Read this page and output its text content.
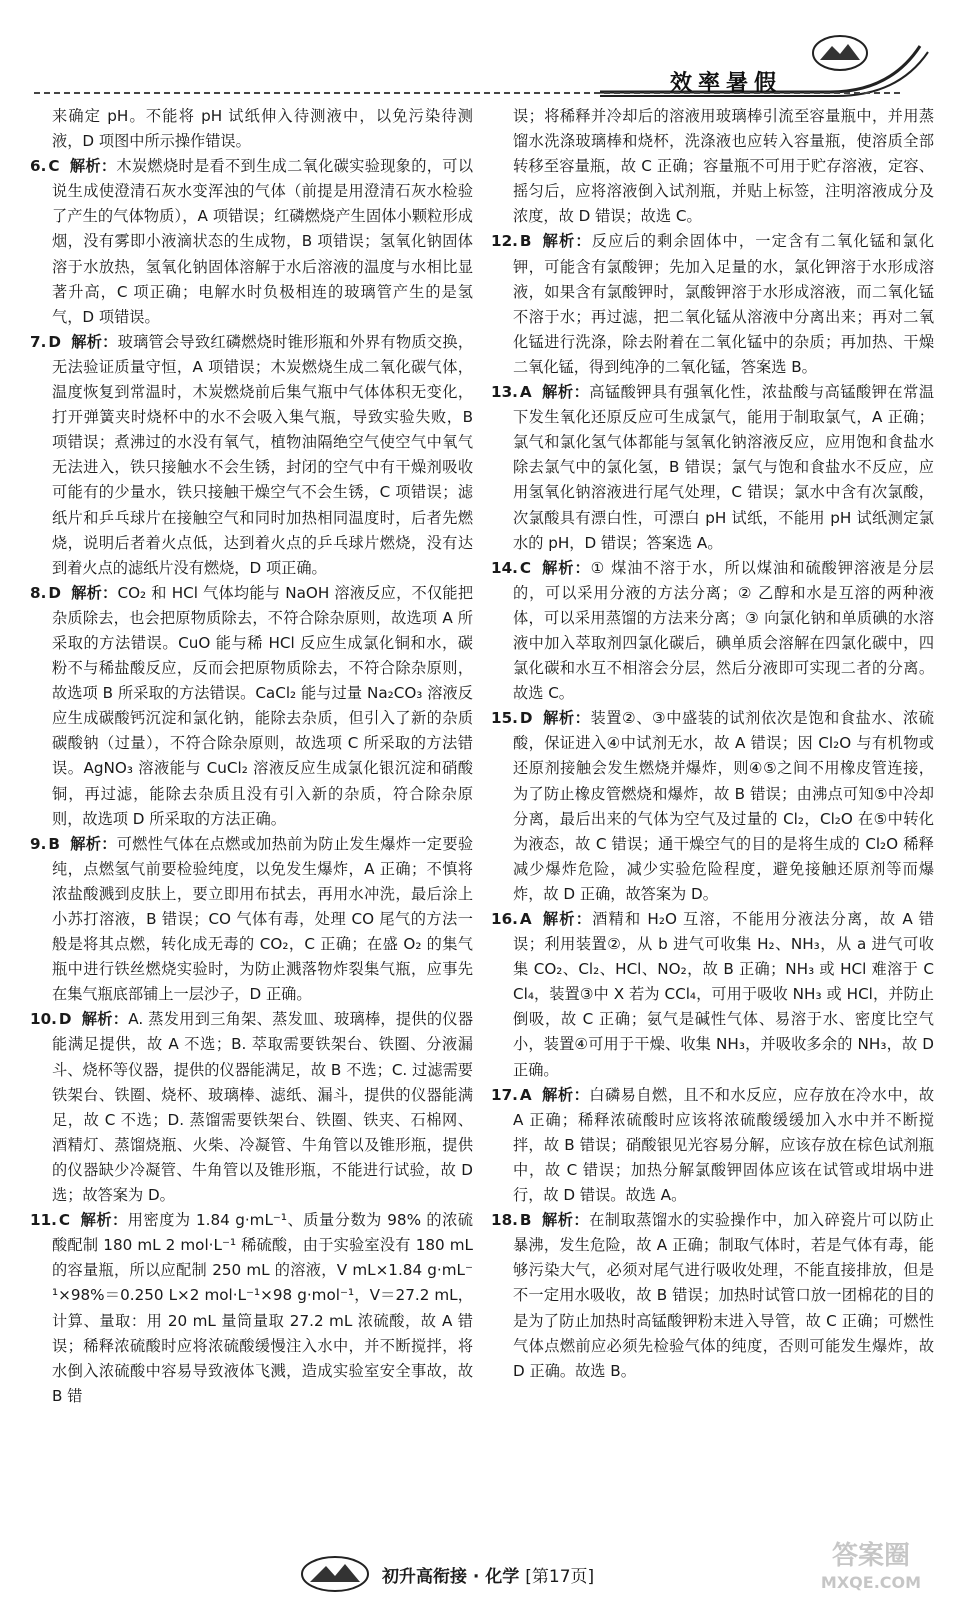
效率暑假

来确定 pH。不能将 pH 试纸伸入待测液中，以免污染待测液，D 项图中所示操作错误。

6. C 解析：木炭燃烧时是看不到生成二氧化碳实验现象的，可以说生成使澄清石灰水变浑浊的气体（前提是用澄清石灰水检验了产生的气体物质），A 项错误；红磷燃烧产生固体小颗粒形成烟，没有雾即小液滴状态的生成物，B 项错误；氢氧化钠固体溶于水放热，氢氧化钠固体溶解于水后溶液的温度与水相比显著升高，C 项正确；电解水时负极相连的玻璃管产生的是氢气，D 项错误。

7. D 解析：玻璃管会导致红磷燃烧时锥形瓶和外界有物质交换，无法验证质量守恒，A 项错误；木炭燃烧生成二氧化碳气体，温度恢复到常温时，木炭燃烧前后集气瓶中气体体积无变化，打开弹簧夹时烧杯中的水不会吸入集气瓶，导致实验失败，B 项错误；煮沸过的水没有氧气，植物油隔绝空气使空气中氧气无法进入，铁只接触水不会生锈，封闭的空气中有干燥剂吸收可能有的少量水，铁只接触干燥空气不会生锈，C 项错误；滤纸片和乒乓球片在接触空气和同时加热相同温度时，后者先燃烧，说明后者着火点低，达到着火点的乒乓球片燃烧，没有达到着火点的滤纸片没有燃烧，D 项正确。

8. D 解析：CO₂ 和 HCl 气体均能与 NaOH 溶液反应，不仅能把杂质除去，也会把原物质除去，不符合除杂原则，故选项 A 所采取的方法错误。CuO 能与稀 HCl 反应生成氯化铜和水，碳粉不与稀盐酸反应，反而会把原物质除去，不符合除杂原则，故选项 B 所采取的方法错误。CaCl₂ 能与过量 Na₂CO₃ 溶液反应生成碳酸钙沉淀和氯化钠，能除去杂质，但引入了新的杂质碳酸钠（过量），不符合除杂原则，故选项 C 所采取的方法错误。AgNO₃ 溶液能与 CuCl₂ 溶液反应生成氯化银沉淀和硝酸铜，再过滤，能除去杂质且没有引入新的杂质，符合除杂原则，故选项 D 所采取的方法正确。

9. B 解析：可燃性气体在点燃或加热前为防止发生爆炸一定要验纯，点燃氢气前要检验纯度，以免发生爆炸，A 正确；不慎将浓盐酸溅到皮肤上，要立即用布拭去，再用水冲洗，最后涂上小苏打溶液，B 错误；CO 气体有毒，处理 CO 尾气的方法一般是将其点燃，转化成无毒的 CO₂，C 正确；在盛 O₂ 的集气瓶中进行铁丝燃烧实验时，为防止溅落物炸裂集气瓶，应事先在集气瓶底部铺上一层沙子，D 正确。

10. D 解析：A. 蒸发用到三角架、蒸发皿、玻璃棒，提供的仪器能满足提供，故 A 不选；B. 萃取需要铁架台、铁圈、分液漏斗、烧杯等仪器，提供的仪器能满足，故 B 不选；C. 过滤需要铁架台、铁圈、烧杯、玻璃棒、滤纸、漏斗，提供的仪器能满足，故 C 不选；D. 蒸馏需要铁架台、铁圈、铁夹、石棉网、酒精灯、蒸馏烧瓶、火柴、冷凝管、牛角管以及锥形瓶，提供的仪器缺少冷凝管、牛角管以及锥形瓶，不能进行试验，故 D 选；故答案为 D。

11. C 解析：用密度为 1.84 g·mL⁻¹、质量分数为 98% 的浓硫酸配制 180 mL 2 mol·L⁻¹ 稀硫酸，由于实验室没有 180 mL 的容量瓶，所以应配制 250 mL 的溶液，V mL×1.84 g·mL⁻¹×98%＝0.250 L×2 mol·L⁻¹×98 g·mol⁻¹，V＝27.2 mL，计算、量取：用 20 mL 量筒量取 27.2 mL 浓硫酸，故 A 错误；稀释浓硫酸时应将浓硫酸缓慢注入水中，并不断搅拌，将水倒入浓硫酸中容易导致液体飞溅，造成实验室安全事故，故 B 错

误；将稀释并冷却后的溶液用玻璃棒引流至容量瓶中，并用蒸馏水洗涤玻璃棒和烧杯，洗涤液也应转入容量瓶，使溶质全部转移至容量瓶，故 C 正确；容量瓶不可用于贮存溶液，定容、摇匀后，应将溶液倒入试剂瓶，并贴上标签，注明溶液成分及浓度，故 D 错误；故选 C。

12. B 解析：反应后的剩余固体中，一定含有二氧化锰和氯化钾，可能含有氯酸钾；先加入足量的水，氯化钾溶于水形成溶液，如果含有氯酸钾时，氯酸钾溶于水形成溶液，而二氧化锰不溶于水；再过滤，把二氧化锰从溶液中分离出来；再对二氧化锰进行洗涤，除去附着在二氧化锰中的杂质；再加热、干燥二氧化锰，得到纯净的二氧化锰，答案选 B。

13. A 解析：高锰酸钾具有强氧化性，浓盐酸与高锰酸钾在常温下发生氧化还原反应可生成氯气，能用于制取氯气，A 正确；氯气和氯化氢气体都能与氢氧化钠溶液反应，应用饱和食盐水除去氯气中的氯化氢，B 错误；氯气与饱和食盐水不反应，应用氢氧化钠溶液进行尾气处理，C 错误；氯水中含有次氯酸，次氯酸具有漂白性，可漂白 pH 试纸，不能用 pH 试纸测定氯水的 pH，D 错误；答案选 A。

14. C 解析：① 煤油不溶于水，所以煤油和硫酸钾溶液是分层的，可以采用分液的方法分离；② 乙醇和水是互溶的两种液体，可以采用蒸馏的方法来分离；③ 向氯化钠和单质碘的水溶液中加入萃取剂四氯化碳后，碘单质会溶解在四氯化碳中，四氯化碳和水互不相溶会分层，然后分液即可实现二者的分离。故选 C。

15. D 解析：装置②、③中盛装的试剂依次是饱和食盐水、浓硫酸，保证进入④中试剂无水，故 A 错误；因 Cl₂O 与有机物或还原剂接触会发生燃烧并爆炸，则④⑤之间不用橡皮管连接，为了防止橡皮管燃烧和爆炸，故 B 错误；由沸点可知⑤中冷却分离，最后出来的气体为空气及过量的 Cl₂，Cl₂O 在⑤中转化为液态，故 C 错误；通干燥空气的目的是将生成的 Cl₂O 稀释减少爆炸危险，减少实验危险程度，避免接触还原剂等而爆炸，故 D 正确，故答案为 D。

16. A 解析：酒精和 H₂O 互溶，不能用分液法分离，故 A 错误；利用装置②，从 b 进气可收集 H₂、NH₃，从 a 进气可收集 CO₂、Cl₂、HCl、NO₂，故 B 正确；NH₃ 或 HCl 难溶于 CCl₄，装置③中 X 若为 CCl₄，可用于吸收 NH₃ 或 HCl，并防止倒吸，故 C 正确；氨气是碱性气体、易溶于水、密度比空气小，装置④可用于干燥、收集 NH₃，并吸收多余的 NH₃，故 D 正确。

17. A 解析：白磷易自燃，且不和水反应，应存放在冷水中，故 A 正确；稀释浓硫酸时应该将浓硫酸缓缓加入水中并不断搅拌，故 B 错误；硝酸银见光容易分解，应该存放在棕色试剂瓶中，故 C 错误；加热分解氯酸钾固体应该在试管或坩埚中进行，故 D 错误。故选 A。

18. B 解析：在制取蒸馏水的实验操作中，加入碎瓷片可以防止暴沸，发生危险，故 A 正确；制取气体时，若是气体有毒，能够污染大气，必须对尾气进行吸收处理，不能直接排放，但是不一定用水吸收，故 B 错误；加热时试管口放一团棉花的目的是为了防止加热时高锰酸钾粉末进入导管，故 C 正确；可燃性气体点燃前应必须先检验气体的纯度，否则可能发生爆炸，故 D 正确。故选 B。

初升高衔接 · 化学 [第17页]
答案圈
MXQE.COM
